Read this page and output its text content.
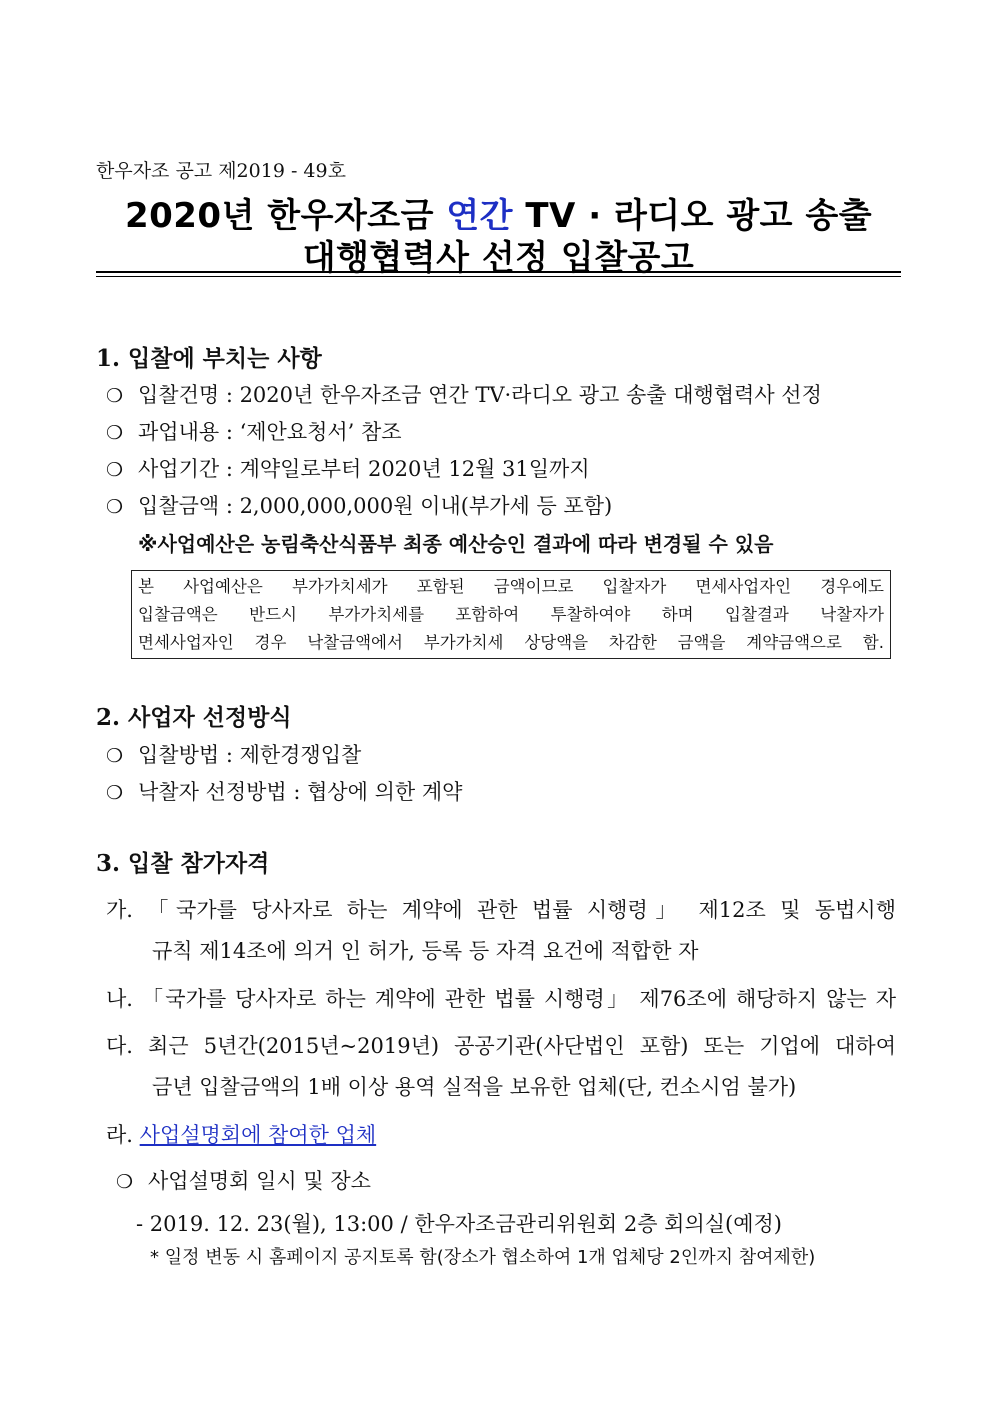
한우자조 공고 제2019 - 49호
2020년 한우자조금 연간 TV · 라디오 광고 송출
대행협력사 선정 입찰공고
1. 입찰에 부치는 사항
❍ 입찰건명 : 2020년 한우자조금 연간 TV·라디오 광고 송출 대행협력사 선정
❍ 과업내용 : ‘제안요청서’ 참조
❍ 사업기간 : 계약일로부터 2020년 12월 31일까지
❍ 입찰금액 : 2,000,000,000원 이내(부가세 등 포함)
※사업예산은 농림축산식품부 최종 예산승인 결과에 따라 변경될 수 있음
본 사업예산은 부가가치세가 포함된 금액이므로 입찰자가 면세사업자인 경우에도
입찰금액은 반드시 부가가치세를 포함하여 투찰하여야 하며 입찰결과 낙찰자가
면세사업자인 경우 낙찰금액에서 부가가치세 상당액을 차감한 금액을 계약금액으로 함.
2. 사업자 선정방식
❍ 입찰방법 : 제한경쟁입찰
❍ 낙찰자 선정방법 : 협상에 의한 계약
3. 입찰 참가자격
가. 「국가를 당사자로 하는 계약에 관한 법률 시행령」 제12조 및 동법시행
규칙 제14조에 의거 인 허가, 등록 등 자격 요건에 적합한 자
나. 「국가를 당사자로 하는 계약에 관한 법률 시행령」 제76조에 해당하지 않는 자
다. 최근 5년간(2015년~2019년) 공공기관(사단법인 포함) 또는 기업에 대하여
금년 입찰금액의 1배 이상 용역 실적을 보유한 업체(단, 컨소시엄 불가)
라. 사업설명회에 참여한 업체
❍ 사업설명회 일시 및 장소
- 2019. 12. 23(월), 13:00 / 한우자조금관리위원회 2층 회의실(예정)
* 일정 변동 시 홈페이지 공지토록 함(장소가 협소하여 1개 업체당 2인까지 참여제한)
